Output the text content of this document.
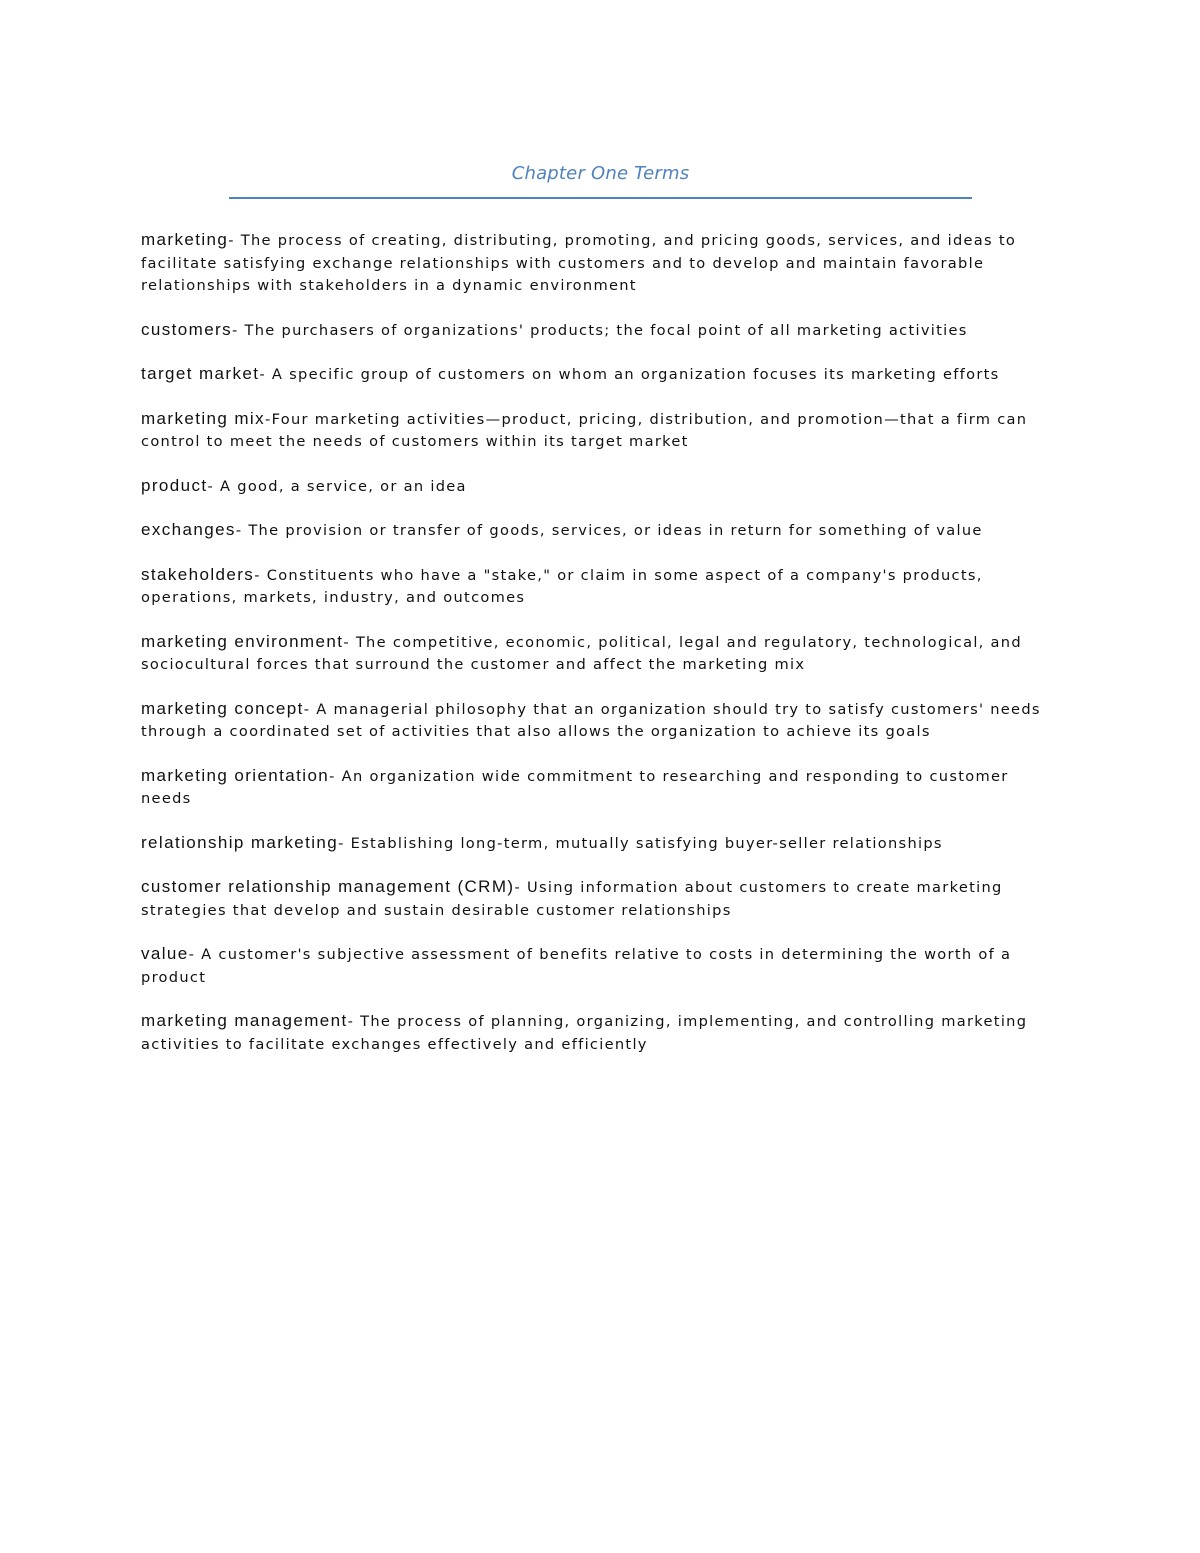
Chapter One Terms

marketing- The process of creating, distributing, promoting, and pricing goods, services, and ideas to facilitate satisfying exchange relationships with customers and to develop and maintain favorable relationships with stakeholders in a dynamic environment

customers- The purchasers of organizations' products; the focal point of all marketing activities

target market- A specific group of customers on whom an organization focuses its marketing efforts

marketing mix-Four marketing activities—product, pricing, distribution, and promotion—that a firm can control to meet the needs of customers within its target market

product- A good, a service, or an idea

exchanges- The provision or transfer of goods, services, or ideas in return for something of value

stakeholders- Constituents who have a "stake," or claim in some aspect of a company's products, operations, markets, industry, and outcomes

marketing environment- The competitive, economic, political, legal and regulatory, technological, and sociocultural forces that surround the customer and affect the marketing mix

marketing concept- A managerial philosophy that an organization should try to satisfy customers' needs through a coordinated set of activities that also allows the organization to achieve its goals

marketing orientation- An organization wide commitment to researching and responding to customer needs

relationship marketing- Establishing long-term, mutually satisfying buyer-seller relationships

customer relationship management (CRM)- Using information about customers to create marketing strategies that develop and sustain desirable customer relationships

value- A customer's subjective assessment of benefits relative to costs in determining the worth of a product

marketing management- The process of planning, organizing, implementing, and controlling marketing activities to facilitate exchanges effectively and efficiently
